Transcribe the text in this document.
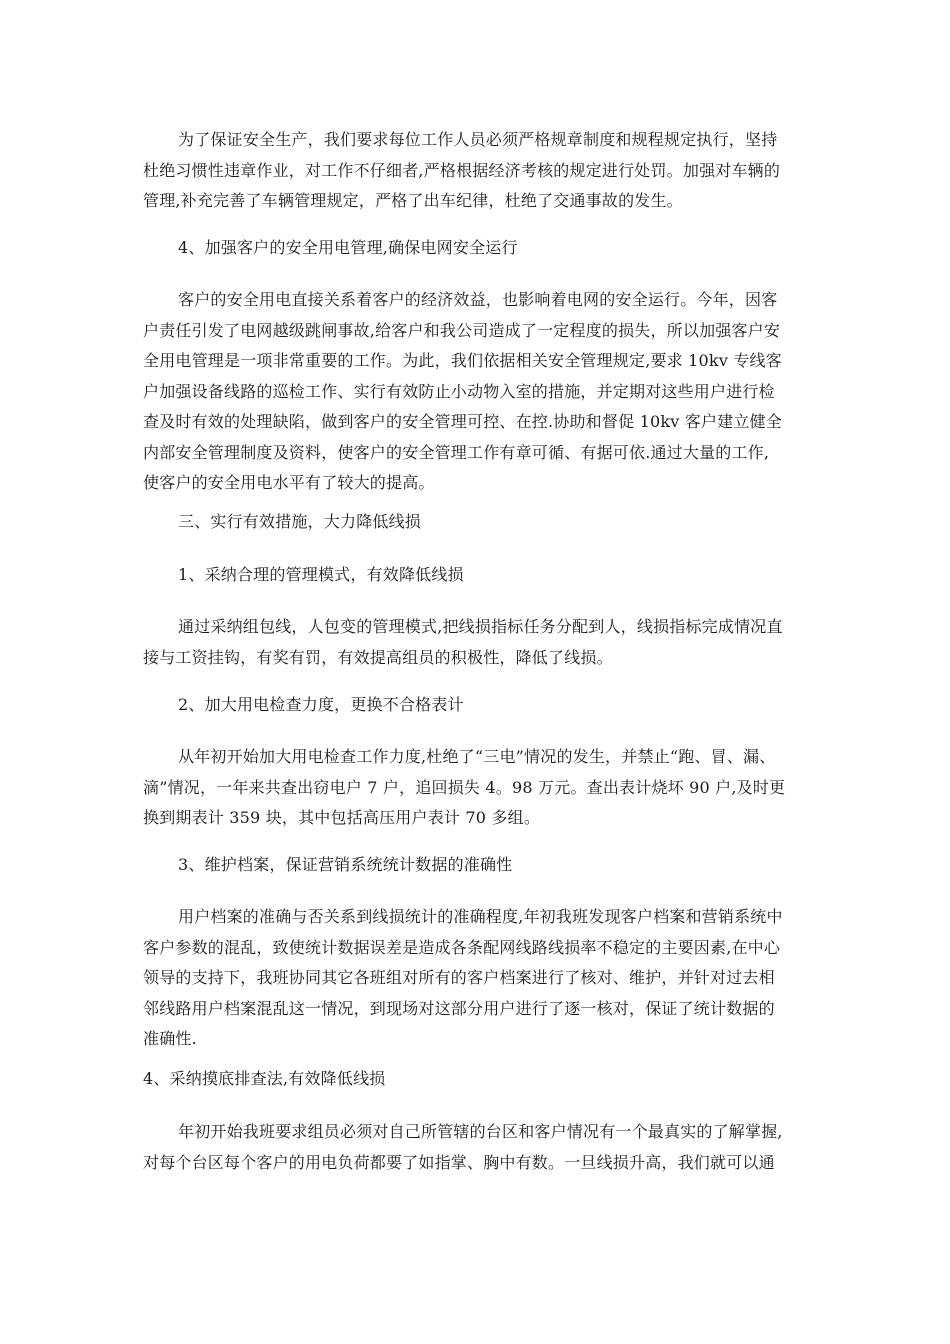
为了保证安全生产，我们要求每位工作人员必须严格规章制度和规程规定执行，坚持
杜绝习惯性违章作业，对工作不仔细者,严格根据经济考核的规定进行处罚。加强对车辆的
管理,补充完善了车辆管理规定，严格了出车纪律，杜绝了交通事故的发生。

4、加强客户的安全用电管理,确保电网安全运行

客户的安全用电直接关系着客户的经济效益，也影响着电网的安全运行。今年，因客
户责任引发了电网越级跳闸事故,给客户和我公司造成了一定程度的损失，所以加强客户安
全用电管理是一项非常重要的工作。为此，我们依据相关安全管理规定,要求 10kv 专线客
户加强设备线路的巡检工作、实行有效防止小动物入室的措施，并定期对这些用户进行检
查及时有效的处理缺陷，做到客户的安全管理可控、在控.协助和督促 10kv 客户建立健全
内部安全管理制度及资料，使客户的安全管理工作有章可循、有据可依.通过大量的工作,
使客户的安全用电水平有了较大的提高。

三、实行有效措施，大力降低线损

1、采纳合理的管理模式，有效降低线损

通过采纳组包线，人包变的管理模式,把线损指标任务分配到人，线损指标完成情况直
接与工资挂钩，有奖有罚，有效提高组员的积极性，降低了线损。

2、加大用电检查力度，更换不合格表计

从年初开始加大用电检查工作力度,杜绝了“三电”情况的发生，并禁止“跑、冒、漏、
滴”情况，一年来共查出窃电户 7 户，追回损失 4。98 万元。查出表计烧坏 90 户,及时更
换到期表计 359 块，其中包括高压用户表计 70 多组。

3、维护档案，保证营销系统统计数据的准确性

用户档案的准确与否关系到线损统计的准确程度,年初我班发现客户档案和营销系统中
客户参数的混乱，致使统计数据误差是造成各条配网线路线损率不稳定的主要因素,在中心
领导的支持下，我班协同其它各班组对所有的客户档案进行了核对、维护，并针对过去相
邻线路用户档案混乱这一情况，到现场对这部分用户进行了逐一核对，保证了统计数据的
准确性.

4、采纳摸底排查法,有效降低线损

年初开始我班要求组员必须对自己所管辖的台区和客户情况有一个最真实的了解掌握,
对每个台区每个客户的用电负荷都要了如指掌、胸中有数。一旦线损升高，我们就可以通
